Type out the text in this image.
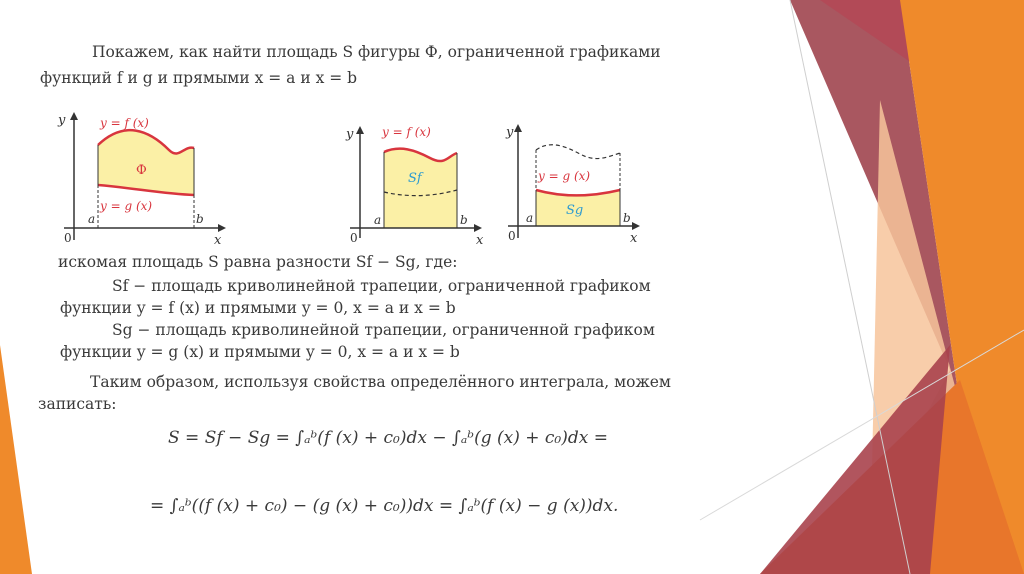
Покажем, как найти площадь S фигуры Ф, ограниченной графиками
функций f и g и прямыми x = a и x = b
y
x
0
y = f (x)
y = g (x)
Ф
a	b
y
x
0
y = f (x)
Sf
a	b
y
x
0
y = g (x)
Sg
a	b
искомая площадь S равна разности Sf − Sg, где:
Sf − площадь криволинейной трапеции, ограниченной графиком
функции y = f (x) и прямыми y = 0, x = a и x = b
Sg − площадь криволинейной трапеции, ограниченной графиком
функции y = g (x) и прямыми y = 0, x = a и x = b
Таким образом, используя свойства определённого интеграла, можем
записать:
S = Sf − Sg = ∫ₐᵇ(f (x) + c₀)dx − ∫ₐᵇ(g (x) + c₀)dx =
= ∫ₐᵇ((f (x) + c₀) − (g (x) + c₀))dx = ∫ₐᵇ(f (x) − g (x))dx.
